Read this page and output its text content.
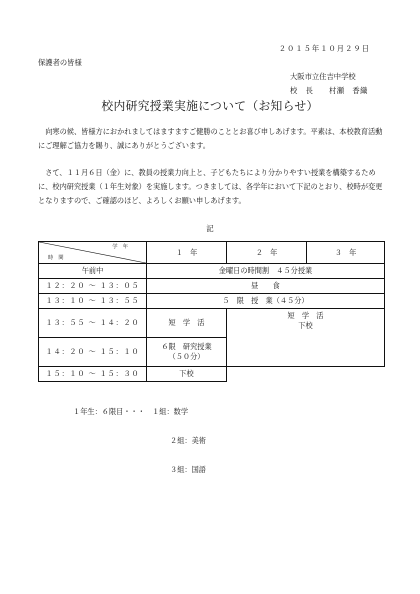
２０１５年１０月２９日
保護者の皆様
大阪市立住吉中学校
校　長　　村瀬　香織
校内研究授業実施について（お知らせ）
向寒の候、皆様方におかれましてはますますご健勝のこととお喜び申しあげます。平素は、本校教育活動にご理解ご協力を賜り、誠にありがとうございます。
さて、１１月６日（金）に、教員の授業力向上と、子どもたちにより分かりやすい授業を構築するために、校内研究授業（１年生対象）を実施します。つきましては、各学年において下記のとおり、校時が変更となりますので、ご確認のほど、よろしくお願い申しあげます。
記
学　年
時　間	１　年	２　年	３　年
午前中	金曜日の時間割　４５分授業		
１２：２０ ～ １３：０５	昼　　食		
１３：１０ ～ １３：５５	５　限　授　業（４５分）		
１３：５５ ～ １４：２０	短　学　活	短　学　活
下校	

１４：２０ ～ １５：１０	６限　研究授業
（５０分）		

１５：１０ ～ １５：３０	下校		
１年生：６限目・・・　１組：数学
２組：美術
３組：国語
